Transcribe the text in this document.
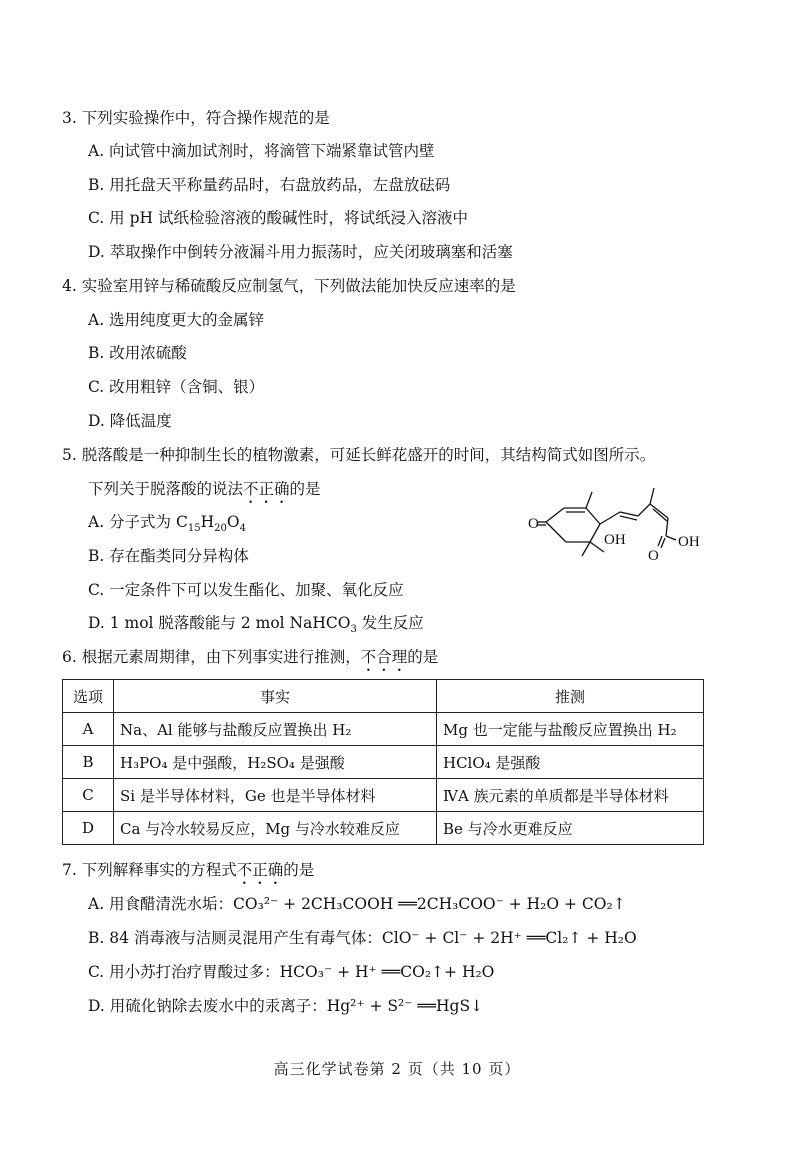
3. 下列实验操作中，符合操作规范的是
A. 向试管中滴加试剂时，将滴管下端紧靠试管内壁
B. 用托盘天平称量药品时，右盘放药品，左盘放砝码
C. 用 pH 试纸检验溶液的酸碱性时，将试纸浸入溶液中
D. 萃取操作中倒转分液漏斗用力振荡时，应关闭玻璃塞和活塞
4. 实验室用锌与稀硫酸反应制氢气，下列做法能加快反应速率的是
A. 选用纯度更大的金属锌
B. 改用浓硫酸
C. 改用粗锌（含铜、银）
D. 降低温度
5. 脱落酸是一种抑制生长的植物激素，可延长鲜花盛开的时间，其结构简式如图所示。
下列关于脱落酸的说法不正确的是
A. 分子式为 $C_{15}H_{20}O_4$
B. 存在酯类同分异构体
C. 一定条件下可以发生酯化、加聚、氧化反应
D. 1 mol 脱落酸能与 2 mol NaHCO$_3$ 发生反应
O
OH
O
OH
6. 根据元素周期律，由下列事实进行推测，不合理的是
选项	事实	推测
A	Na、Al 能够与盐酸反应置换出 H₂	Mg 也一定能与盐酸反应置换出 H₂
B	H₃PO₄ 是中强酸，H₂SO₄ 是强酸	HClO₄ 是强酸
C	Si 是半导体材料，Ge 也是半导体材料	ⅣA 族元素的单质都是半导体材料
D	Ca 与冷水较易反应，Mg 与冷水较难反应	Be 与冷水更难反应
7. 下列解释事实的方程式不正确的是
A. 用食醋清洗水垢：CO₃²⁻ + 2CH₃COOH ══2CH₃COO⁻ + H₂O + CO₂↑
B. 84 消毒液与洁厕灵混用产生有毒气体：ClO⁻ + Cl⁻ + 2H⁺ ══Cl₂↑ + H₂O
C. 用小苏打治疗胃酸过多：HCO₃⁻ + H⁺ ══CO₂↑+ H₂O
D. 用硫化钠除去废水中的汞离子：Hg²⁺ + S²⁻ ══HgS↓
高三化学试卷第 2 页（共 10 页）
